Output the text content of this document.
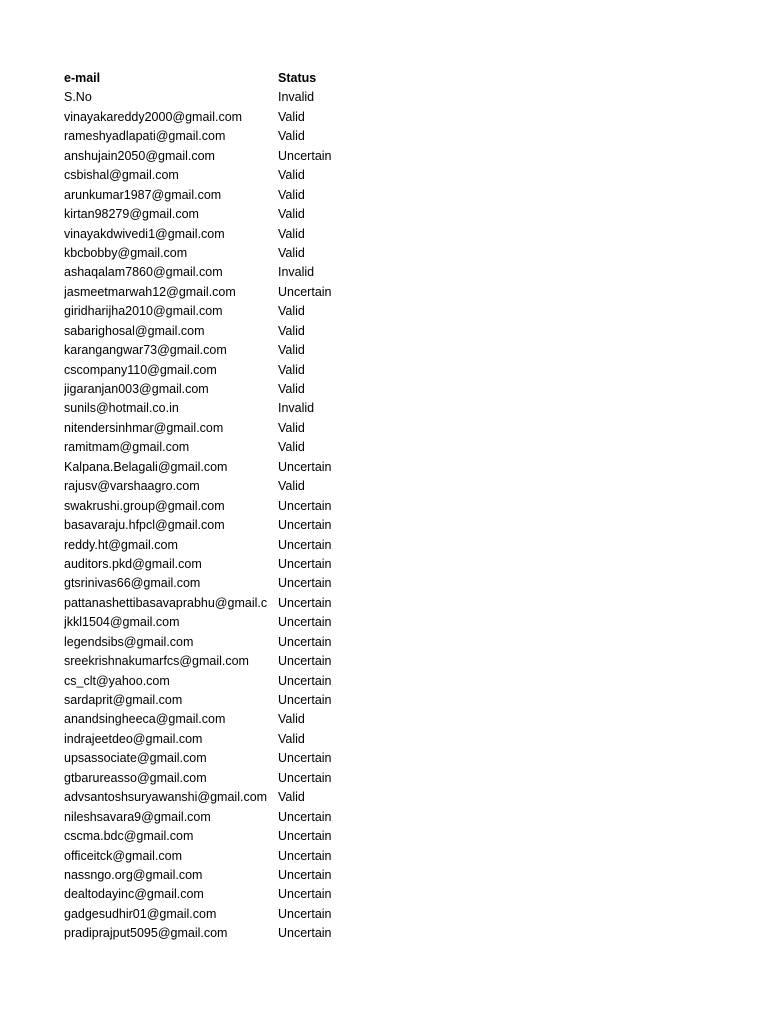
e-mail	Status
S.No	Invalid
vinayakareddy2000@gmail.com	Valid
rameshyadlapati@gmail.com	Valid
anshujain2050@gmail.com	Uncertain
csbishal@gmail.com	Valid
arunkumar1987@gmail.com	Valid
kirtan98279@gmail.com	Valid
vinayakdwivedi1@gmail.com	Valid
kbcbobby@gmail.com	Valid
ashaqalam7860@gmail.com	Invalid
jasmeetmarwah12@gmail.com	Uncertain
giridharijha2010@gmail.com	Valid
sabarighosal@gmail.com	Valid
karangangwar73@gmail.com	Valid
cscompany110@gmail.com	Valid
jigaranjan003@gmail.com	Valid
sunils@hotmail.co.in	Invalid
nitendersinhmar@gmail.com	Valid
ramitmam@gmail.com	Valid
Kalpana.Belagali@gmail.com	Uncertain
rajusv@varshaagro.com	Valid
swakrushi.group@gmail.com	Uncertain
basavaraju.hfpcl@gmail.com	Uncertain
reddy.ht@gmail.com	Uncertain
auditors.pkd@gmail.com	Uncertain
gtsrinivas66@gmail.com	Uncertain
pattanashettibasavaprabhu@gmail.c Uncertain
jkkl1504@gmail.com	Uncertain
legendsibs@gmail.com	Uncertain
sreekrishnakumarfcs@gmail.com	Uncertain
cs_clt@yahoo.com	Uncertain
sardaprit@gmail.com	Uncertain
anandsingheeca@gmail.com	Valid
indrajeetdeo@gmail.com	Valid
upsassociate@gmail.com	Uncertain
gtbarureasso@gmail.com	Uncertain
advsantoshsuryawanshi@gmail.com Valid
nileshsavara9@gmail.com	Uncertain
cscma.bdc@gmail.com	Uncertain
officeitck@gmail.com	Uncertain
nassngo.org@gmail.com	Uncertain
dealtodayinc@gmail.com	Uncertain
gadgesudhir01@gmail.com	Uncertain
pradiprajput5095@gmail.com	Uncertain
